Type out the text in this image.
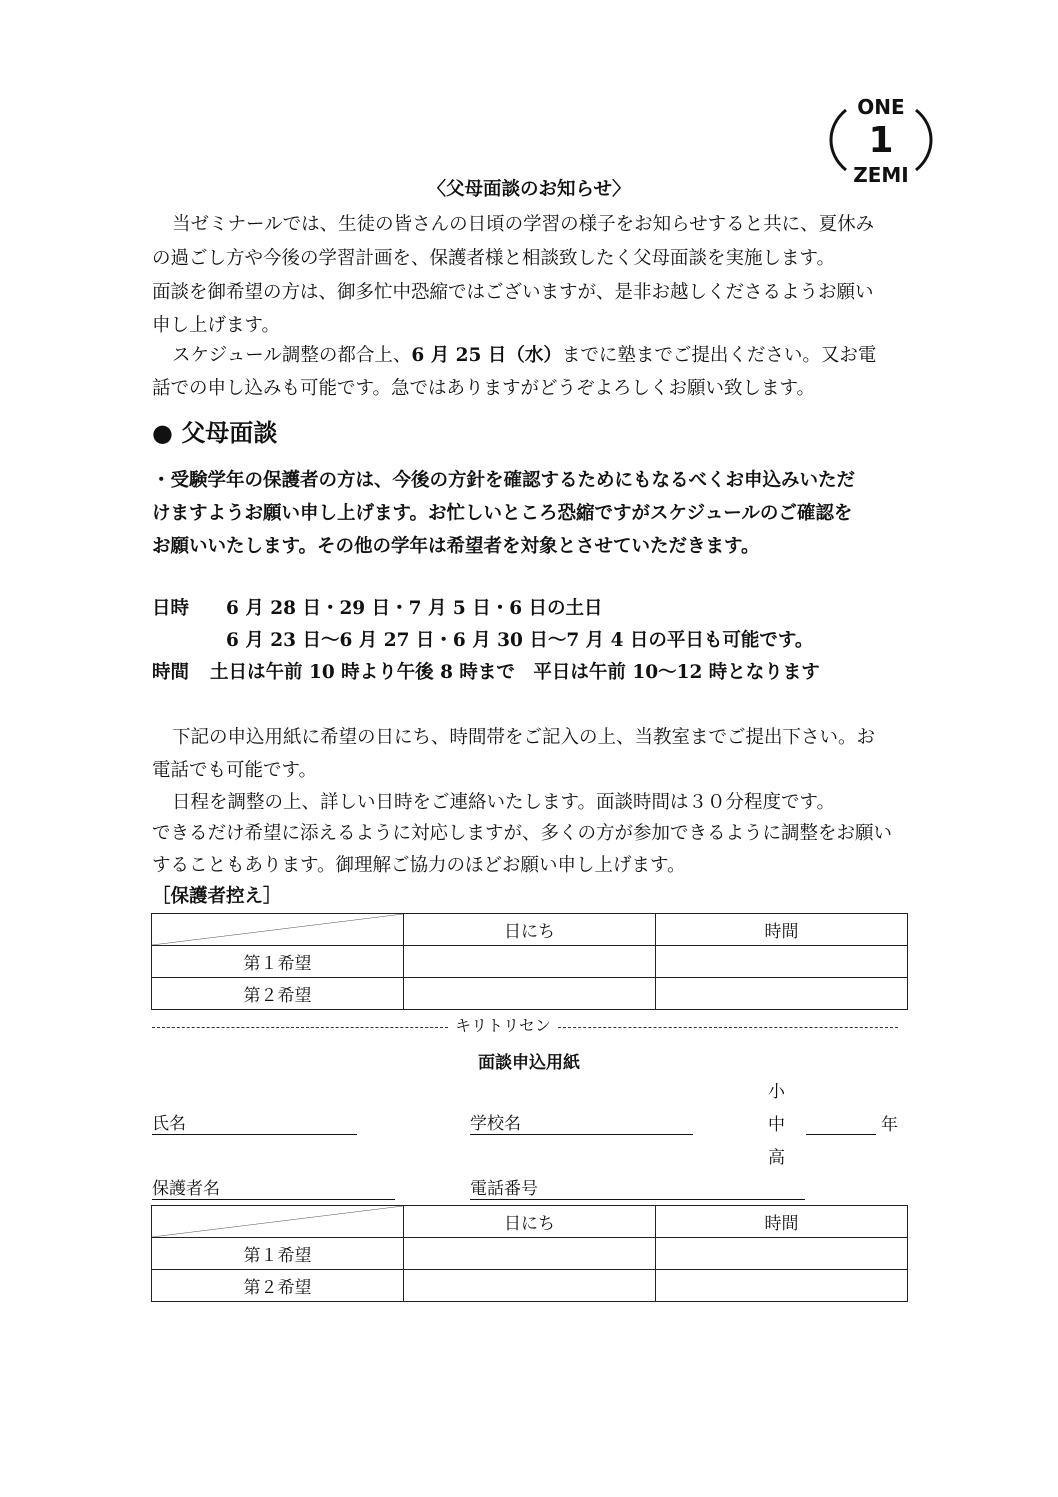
ONE
1
ZEMI
〈父母面談のお知らせ〉
当ゼミナールでは、生徒の皆さんの日頃の学習の様子をお知らせすると共に、夏休み
の過ごし方や今後の学習計画を、保護者様と相談致したく父母面談を実施します。
面談を御希望の方は、御多忙中恐縮ではございますが、是非お越しくださるようお願い
申し上げます。
スケジュール調整の都合上、6 月 25 日（水）までに塾までご提出ください。又お電
話での申し込みも可能です。急ではありますがどうぞよろしくお願い致します。
● 父母面談
・受験学年の保護者の方は、今後の方針を確認するためにもなるべくお申込みいただ
けますようお願い申し上げます。お忙しいところ恐縮ですがスケジュールのご確認を
お願いいたします。その他の学年は希望者を対象とさせていただきます。
日時 6 月 28 日・29 日・7 月 5 日・6 日の土日
6 月 23 日～6 月 27 日・6 月 30 日～7 月 4 日の平日も可能です。
時間 土日は午前 10 時より午後 8 時まで　平日は午前 10～12 時となります
下記の申込用紙に希望の日にち、時間帯をご記入の上、当教室までご提出下さい。お
電話でも可能です。
日程を調整の上、詳しい日時をご連絡いたします。面談時間は３０分程度です。
できるだけ希望に添えるように対応しますが、多くの方が参加できるように調整をお願い
することもあります。御理解ご協力のほどお願い申し上げます。
［保護者控え］
	日にち	時間
第１希望		
第２希望		
キリトリセン
面談申込用紙
小
中
高
氏名	学校名	年
保護者名	電話番号
	日にち	時間
第１希望		
第２希望		
